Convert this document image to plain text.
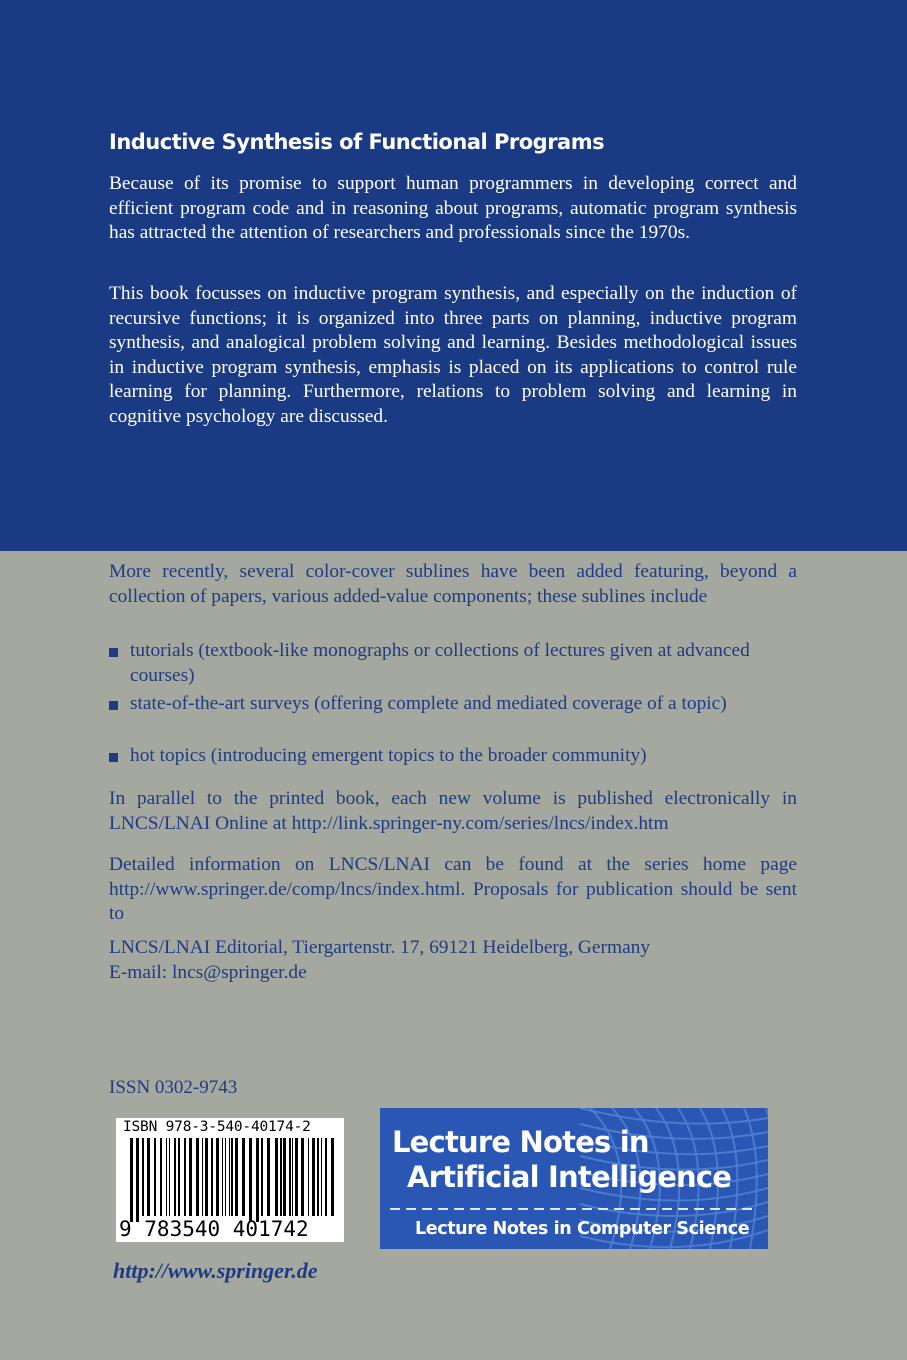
Inductive Synthesis of Functional Programs

Because of its promise to support human programmers in developing correct and efficient program code and in reasoning about programs, automatic program synthesis has attracted the attention of researchers and professionals since the 1970s.

This book focusses on inductive program synthesis, and especially on the induction of recursive functions; it is organized into three parts on planning, inductive program synthesis, and analogical problem solving and learning. Besides methodological issues in inductive program synthesis, emphasis is placed on its applications to control rule learning for planning. Furthermore, relations to problem solving and learning in cognitive psychology are discussed.

More recently, several color-cover sublines have been added featuring, beyond a collection of papers, various added-value components; these sublines include

tutorials (textbook-like monographs or collections of lectures given at advanced courses)
state-of-the-art surveys (offering complete and mediated coverage of a topic)
hot topics (introducing emergent topics to the broader community)

In parallel to the printed book, each new volume is published electronically in LNCS/LNAI Online at http://link.springer-ny.com/series/lncs/index.htm

Detailed information on LNCS/LNAI can be found at the series home page http://www.springer.de/comp/lncs/index.html. Proposals for publication should be sent to

LNCS/LNAI Editorial, Tiergartenstr. 17, 69121 Heidelberg, Germany

E-mail: lncs@springer.de

ISSN 0302-9743
ISBN 978-3-540-40174-2
9 783540 401742
http://www.springer.de
Lecture Notes in
Artificial Intelligence
Lecture Notes in Computer Science
